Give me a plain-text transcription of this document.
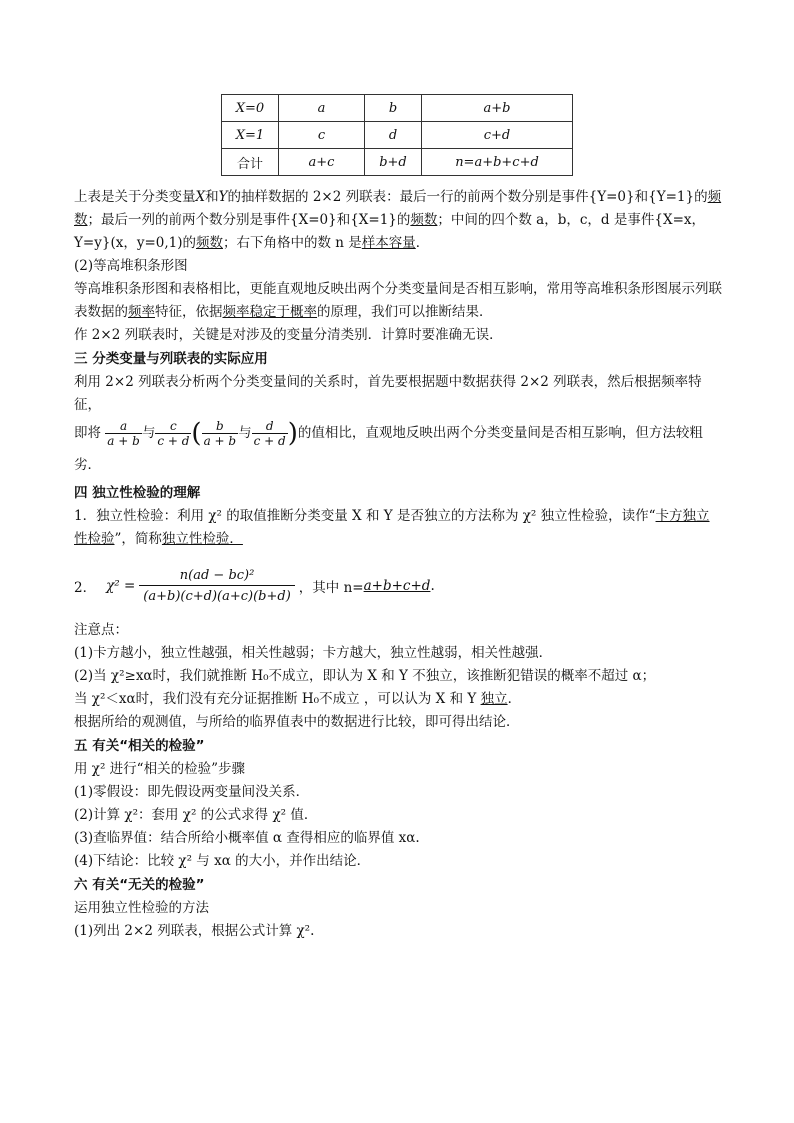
X=0	a	b	a+b
X=1	c	d	c+d
合计	a+c	b+d	n=a+b+c+d

上表是关于分类变量X和Y的抽样数据的 2×2 列联表：最后一行的前两个数分别是事件{Y=0}和{Y=1}的频数；最后一列的前两个数分别是事件{X=0}和{X=1}的频数；中间的四个数 a，b，c，d 是事件{X=x，Y=y}(x，y=0,1)的频数；右下角格中的数 n 是样本容量．

(2)等高堆积条形图

等高堆积条形图和表格相比，更能直观地反映出两个分类变量间是否相互影响，常用等高堆积条形图展示列联表数据的频率特征，依据频率稳定于概率的原理，我们可以推断结果．

作 2×2 列联表时，关键是对涉及的变量分清类别．计算时要准确无误．

三 分类变量与列联表的实际应用

利用 2×2 列联表分析两个分类变量间的关系时，首先要根据题中数据获得 2×2 列联表，然后根据频率特征，

即将 $\frac{a}{a + b}$ 与 $\frac{c}{c + d}$ ( $\frac{b}{a + b}$ 与 $\frac{d}{c + d}$ )的值相比，直观地反映出两个分类变量间是否相互影响，但方法较粗劣．

四 独立性检验的理解

1．独立性检验：利用 χ² 的取值推断分类变量 X 和 Y 是否独立的方法称为 χ² 独立性检验，读作“卡方独立性检验”，简称独立性检验．

2． $\chi^2 = \frac{\text{n(ad − bc)²}}{(a+b)(c+d)(a+c)(b+d)}$ ，其中 n= a+b+c+d .

注意点：

(1)卡方越小，独立性越强，相关性越弱；卡方越大，独立性越弱，相关性越强．

(2)当 χ²≥xα时，我们就推断 H₀不成立，即认为 X 和 Y 不独立，该推断犯错误的概率不超过 α；

当 χ²＜xα时，我们没有充分证据推断 H₀不成立 ，可以认为 X 和 Y 独立．

根据所给的观测值，与所给的临界值表中的数据进行比较，即可得出结论．

五 有关“相关的检验”

用 χ² 进行“相关的检验”步骤

(1)零假设：即先假设两变量间没关系．

(2)计算 χ²：套用 χ² 的公式求得 χ² 值．

(3)查临界值：结合所给小概率值 α 查得相应的临界值 xα.

(4)下结论：比较 χ² 与 xα 的大小，并作出结论．

六 有关“无关的检验”

运用独立性检验的方法

(1)列出 2×2 列联表，根据公式计算 χ².
